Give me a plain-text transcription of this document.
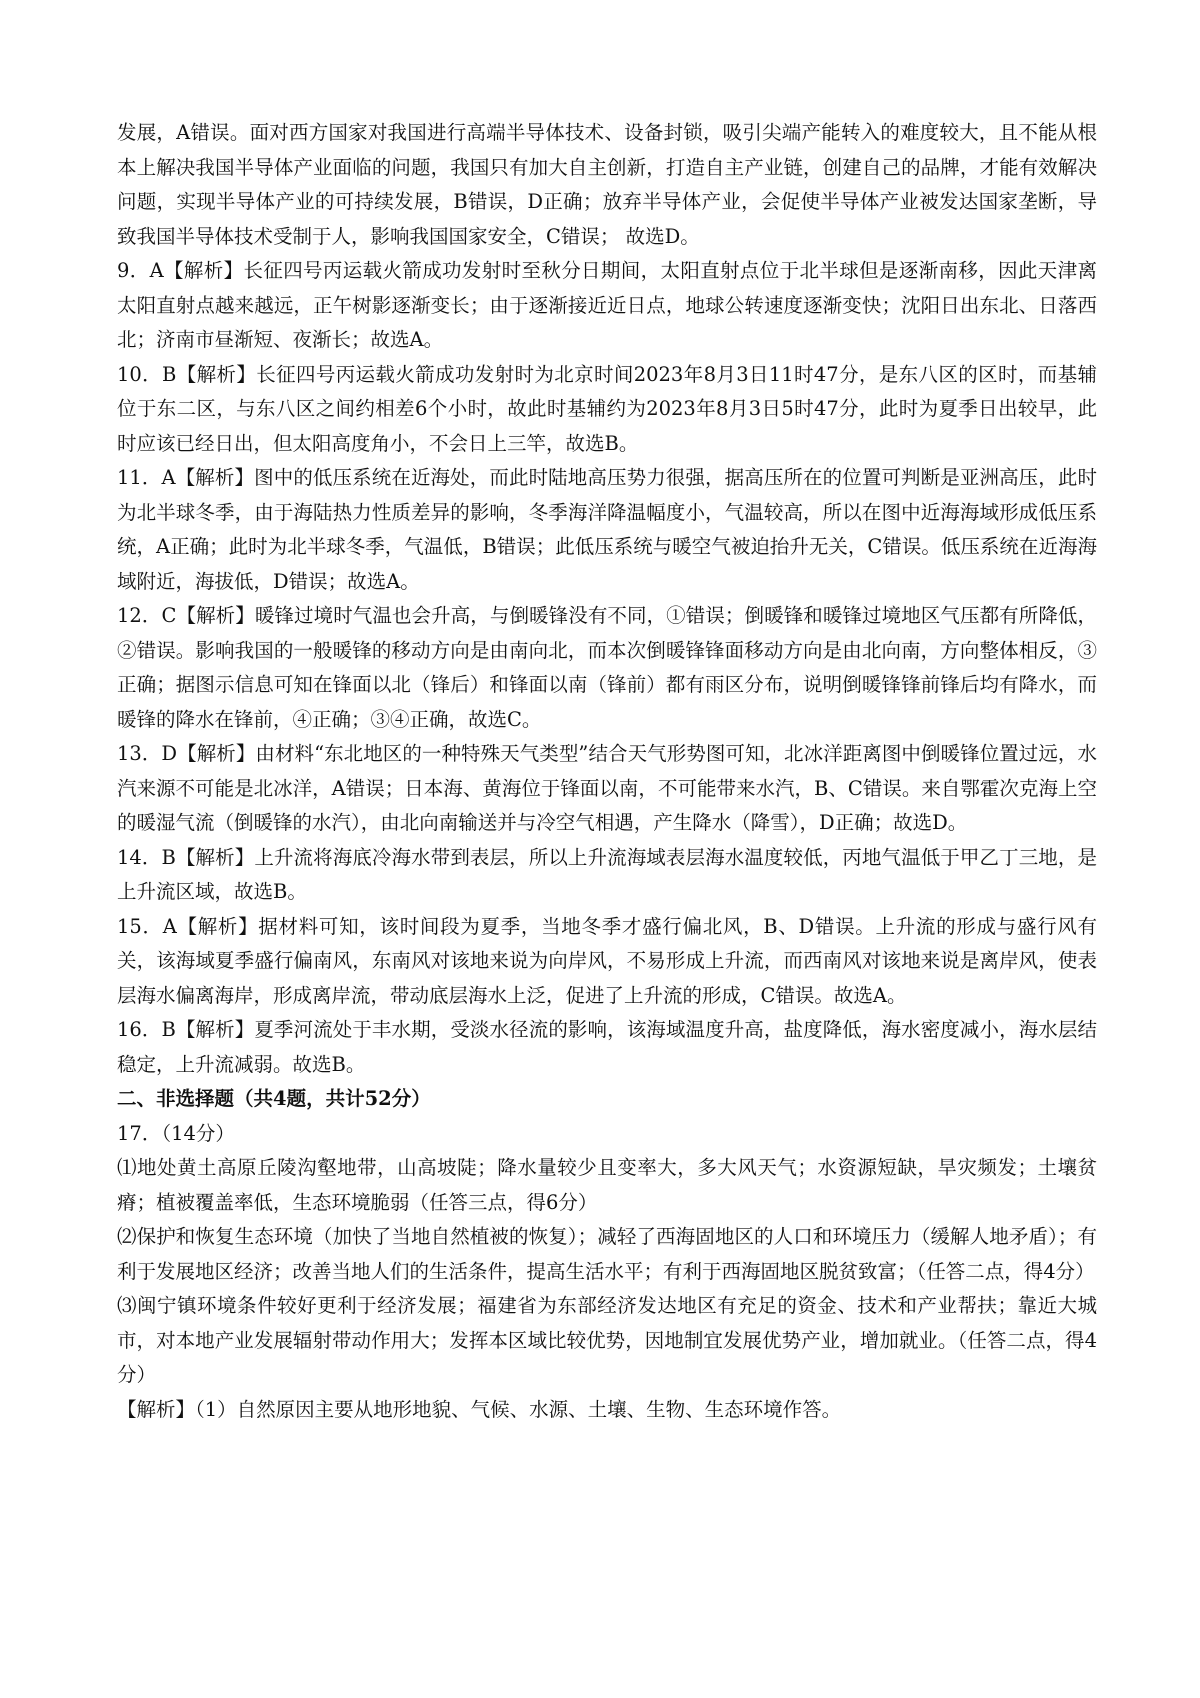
发展，A错误。面对西方国家对我国进行高端半导体技术、设备封锁，吸引尖端产能转入的难度较大，且不能从根本上解决我国半导体产业面临的问题，我国只有加大自主创新，打造自主产业链，创建自己的品牌，才能有效解决问题，实现半导体产业的可持续发展，B错误，D正确；放弃半导体产业，会促使半导体产业被发达国家垄断，导致我国半导体技术受制于人，影响我国国家安全，C错误； 故选D。

9．A【解析】长征四号丙运载火箭成功发射时至秋分日期间，太阳直射点位于北半球但是逐渐南移，因此天津离太阳直射点越来越远，正午树影逐渐变长；由于逐渐接近近日点，地球公转速度逐渐变快；沈阳日出东北、日落西北；济南市昼渐短、夜渐长；故选A。

10．B【解析】长征四号丙运载火箭成功发射时为北京时间2023年8月3日11时47分，是东八区的区时，而基辅位于东二区，与东八区之间约相差6个小时，故此时基辅约为2023年8月3日5时47分，此时为夏季日出较早，此时应该已经日出，但太阳高度角小，不会日上三竿，故选B。

11．A【解析】图中的低压系统在近海处，而此时陆地高压势力很强，据高压所在的位置可判断是亚洲高压，此时为北半球冬季，由于海陆热力性质差异的影响，冬季海洋降温幅度小，气温较高，所以在图中近海海域形成低压系统，A正确；此时为北半球冬季，气温低，B错误；此低压系统与暖空气被迫抬升无关，C错误。低压系统在近海海域附近，海拔低，D错误；故选A。

12．C【解析】暖锋过境时气温也会升高，与倒暖锋没有不同，①错误；倒暖锋和暖锋过境地区气压都有所降低，②错误。影响我国的一般暖锋的移动方向是由南向北，而本次倒暖锋锋面移动方向是由北向南，方向整体相反，③正确；据图示信息可知在锋面以北（锋后）和锋面以南（锋前）都有雨区分布，说明倒暖锋锋前锋后均有降水，而暖锋的降水在锋前，④正确；③④正确，故选C。

13．D【解析】由材料“东北地区的一种特殊天气类型”结合天气形势图可知，北冰洋距离图中倒暖锋位置过远，水汽来源不可能是北冰洋，A错误；日本海、黄海位于锋面以南，不可能带来水汽，B、C错误。来自鄂霍次克海上空的暖湿气流（倒暖锋的水汽），由北向南输送并与冷空气相遇，产生降水（降雪），D正确；故选D。

14．B【解析】上升流将海底冷海水带到表层，所以上升流海域表层海水温度较低，丙地气温低于甲乙丁三地，是上升流区域，故选B。

15．A【解析】据材料可知，该时间段为夏季，当地冬季才盛行偏北风，B、D错误。上升流的形成与盛行风有关，该海域夏季盛行偏南风，东南风对该地来说为向岸风，不易形成上升流，而西南风对该地来说是离岸风，使表层海水偏离海岸，形成离岸流，带动底层海水上泛，促进了上升流的形成，C错误。故选A。

16．B【解析】夏季河流处于丰水期，受淡水径流的影响，该海域温度升高，盐度降低，海水密度减小，海水层结稳定，上升流减弱。故选B。

二、非选择题（共4题，共计52分）

17．（14分）

⑴地处黄土高原丘陵沟壑地带，山高坡陡；降水量较少且变率大，多大风天气；水资源短缺，旱灾频发；土壤贫瘠；植被覆盖率低，生态环境脆弱（任答三点，得6分）

⑵保护和恢复生态环境（加快了当地自然植被的恢复）；减轻了西海固地区的人口和环境压力（缓解人地矛盾）；有利于发展地区经济；改善当地人们的生活条件，提高生活水平；有利于西海固地区脱贫致富；（任答二点，得4分）

⑶闽宁镇环境条件较好更利于经济发展；福建省为东部经济发达地区有充足的资金、技术和产业帮扶；靠近大城市，对本地产业发展辐射带动作用大；发挥本区域比较优势，因地制宜发展优势产业，增加就业。（任答二点，得4分）

【解析】（1）自然原因主要从地形地貌、气候、水源、土壤、生物、生态环境作答。
